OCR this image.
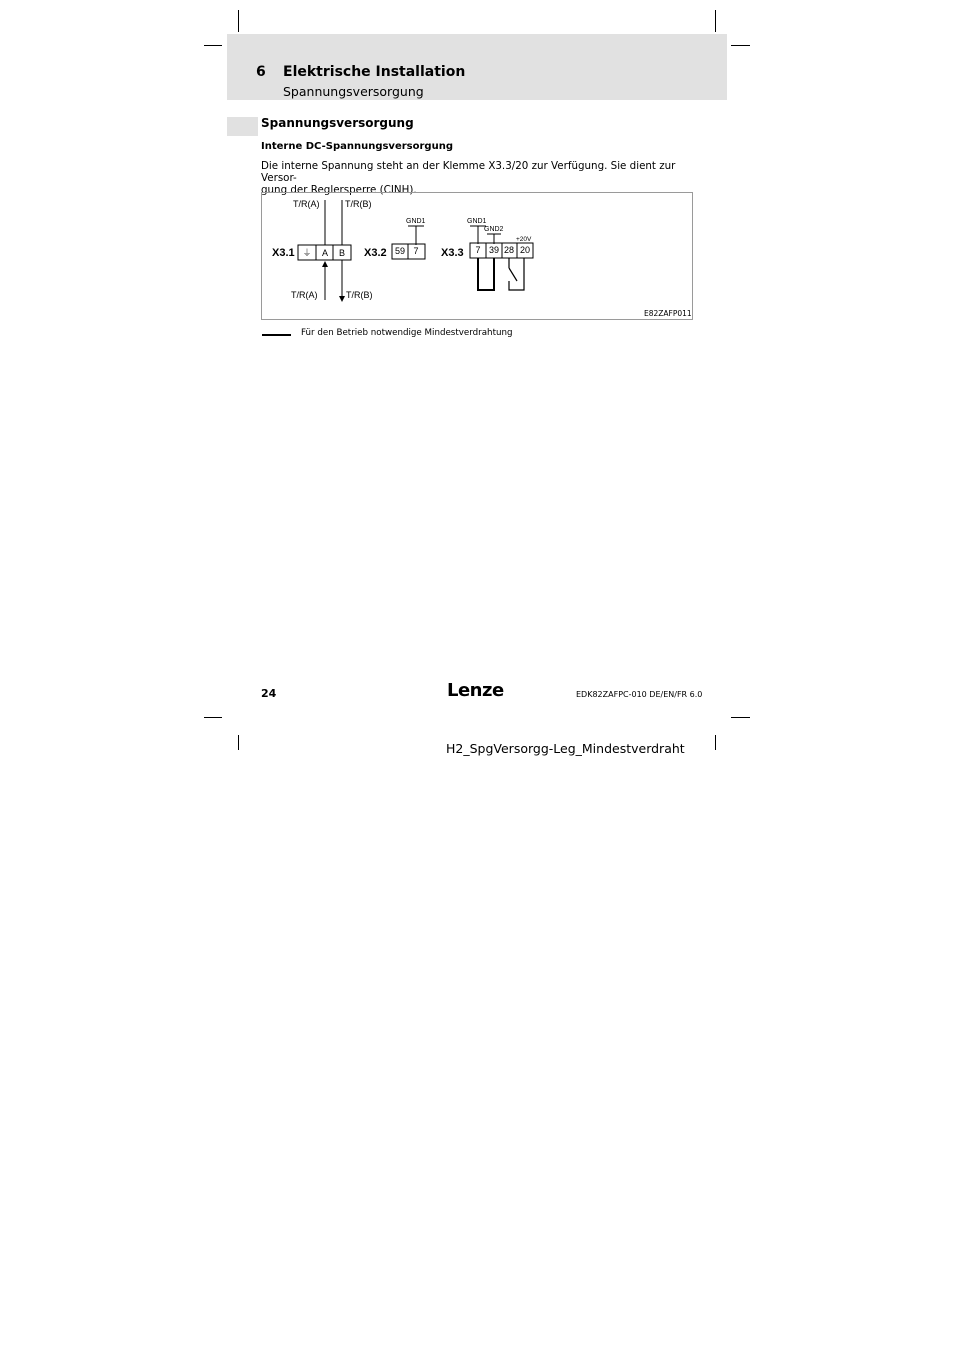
6 Elektrische Installation
Spannungsversorgung
Spannungsversorgung
Interne DC-Spannungsversorgung
Die interne Spannung steht an der Klemme X3.3/20 zur Verfügung. Sie dient zur Versor-
gung der Reglersperre (CINH).
T/R(A)	T/R(B)
X3.1 ⏚ A B
T/R(A)	T/R(B)
X3.2
GND1
59 7 X3.3
GND1
GND2
+20V
7 39 28 20
E82ZAFP011
Für den Betrieb notwendige Mindestverdrahtung
24	Lenze	EDK82ZAFPC-010 DE/EN/FR 6.0
H2_SpgVersorgg-Leg_Mindestverdraht
